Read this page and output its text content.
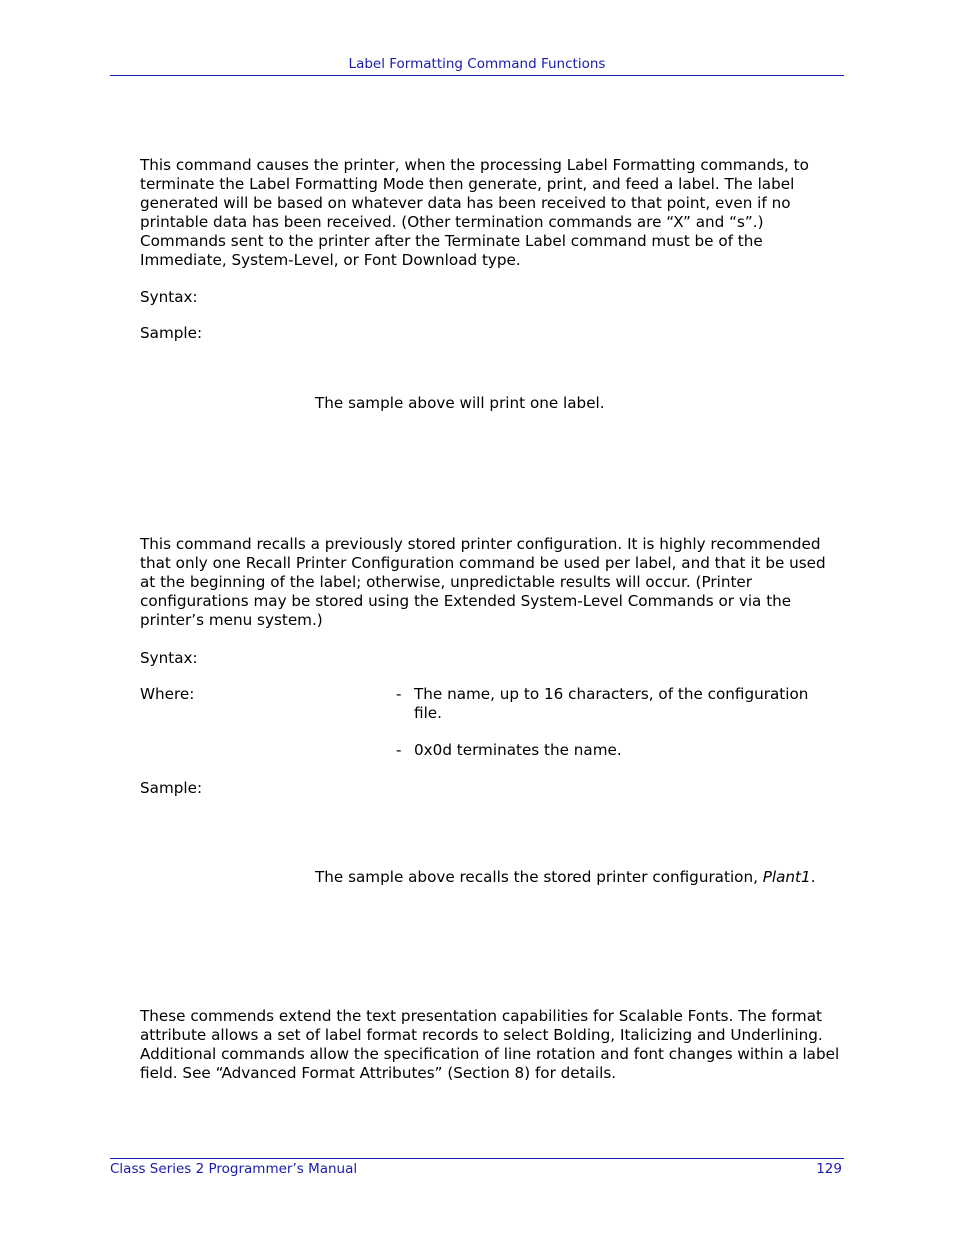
Label Formatting Command Functions

This command causes the printer, when the processing Label Formatting commands, to terminate the Label Formatting Mode then generate, print, and feed a label. The label generated will be based on whatever data has been received to that point, even if no printable data has been received. (Other termination commands are “X” and “s”.) Commands sent to the printer after the Terminate Label command must be of the Immediate, System-Level, or Font Download type.

Syntax:
Sample:
The sample above will print one label.

This command recalls a previously stored printer configuration. It is highly recommended that only one Recall Printer Configuration command be used per label, and that it be used at the beginning of the label; otherwise, unpredictable results will occur. (Printer configurations may be stored using the Extended System-Level Commands or via the printer’s menu system.)

Syntax:
Where:	- The name, up to 16 characters, of the configuration file.
- 0x0d terminates the name.
Sample:
The sample above recalls the stored printer configuration, Plant1.

These commends extend the text presentation capabilities for Scalable Fonts. The format attribute allows a set of label format records to select Bolding, Italicizing and Underlining. Additional commands allow the specification of line rotation and font changes within a label field. See “Advanced Format Attributes” (Section 8) for details.

Class Series 2 Programmer’s Manual	129
